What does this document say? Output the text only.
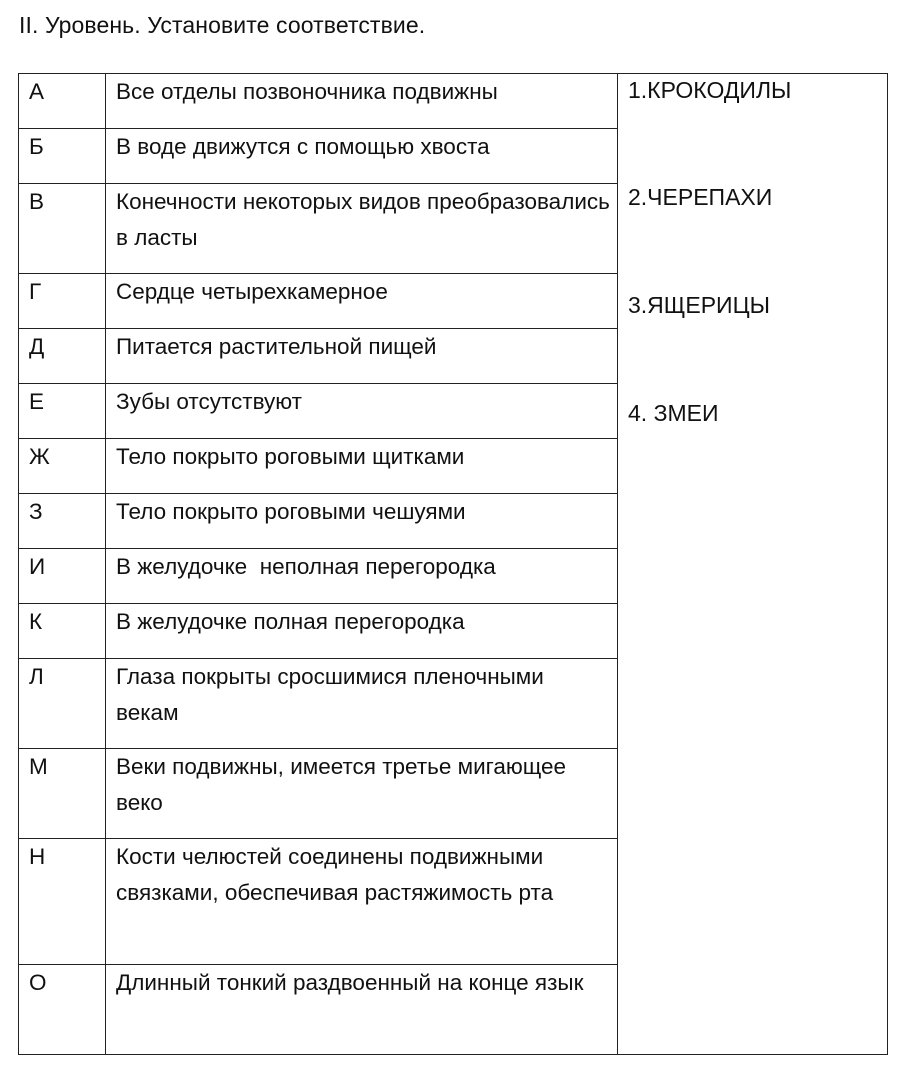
II. Уровень. Установите соответствие.
А	Все отделы позвоночника подвижны	1.КРОКОДИЛЫ
2.ЧЕРЕПАХИ
3.ЯЩЕРИЦЫ
4. ЗМЕИ

Б	В воде движутся с помощью хвоста	
В	Конечности некоторых видов преобразовались в ласты	
Г	Сердце четырехкамерное	
Д	Питается растительной пищей	
Е	Зубы отсутствуют	
Ж	Тело покрыто роговыми щитками	
З	Тело покрыто роговыми чешуями	
И	В желудочке  неполная перегородка	
К	В желудочке полная перегородка	
Л	Глаза покрыты сросшимися пленочными векам	
М	Веки подвижны, имеется третье мигающее веко	
Н	Кости челюстей соединены подвижными связками, обеспечивая растяжимость рта	
О	Длинный тонкий раздвоенный на конце язык	
